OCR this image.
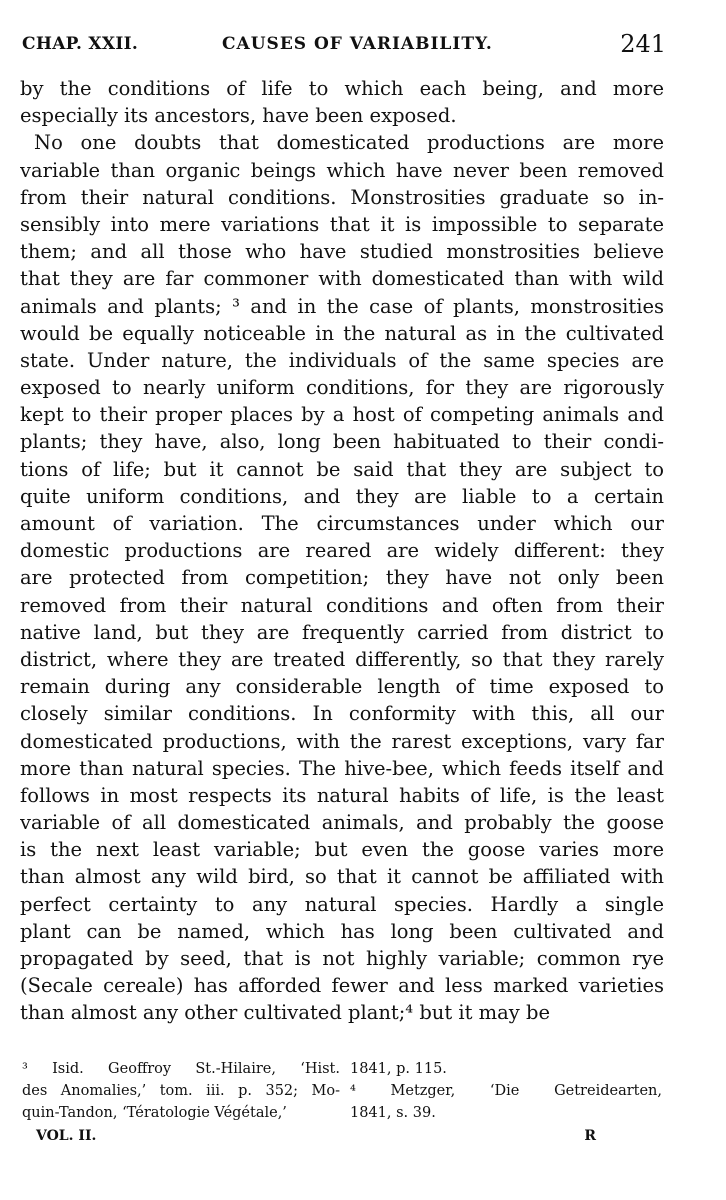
CHAP. XXII.	CAUSES OF VARIABILITY.	241
by the conditions of life to which each being, and more
especially its ancestors, have been exposed.
No one doubts that domesticated productions are more
variable than organic beings which have never been removed
from their natural conditions. Monstrosities graduate so in-
sensibly into mere variations that it is impossible to separate
them; and all those who have studied monstrosities believe
that they are far commoner with domesticated than with wild
animals and plants; ³ and in the case of plants, monstrosities
would be equally noticeable in the natural as in the cultivated
state. Under nature, the individuals of the same species are
exposed to nearly uniform conditions, for they are rigorously
kept to their proper places by a host of competing animals and
plants; they have, also, long been habituated to their condi-
tions of life; but it cannot be said that they are subject to
quite uniform conditions, and they are liable to a certain
amount of variation. The circumstances under which our
domestic productions are reared are widely different: they
are protected from competition; they have not only been
removed from their natural conditions and often from their
native land, but they are frequently carried from district to
district, where they are treated differently, so that they rarely
remain during any considerable length of time exposed to
closely similar conditions. In conformity with this, all our
domesticated productions, with the rarest exceptions, vary far
more than natural species. The hive-bee, which feeds itself and
follows in most respects its natural habits of life, is the least
variable of all domesticated animals, and probably the goose
is the next least variable; but even the goose varies more
than almost any wild bird, so that it cannot be affiliated with
perfect certainty to any natural species. Hardly a single
plant can be named, which has long been cultivated and
propagated by seed, that is not highly variable; common rye
(Secale cereale) has afforded fewer and less marked varieties
than almost any other cultivated plant;⁴ but it may be
³ Isid. Geoffroy St.-Hilaire, ‘Hist.
des Anomalies,’ tom. iii. p. 352; Mo-
quin-Tandon, ‘Tératologie Végétale,’
1841, p. 115.
⁴ Metzger, ‘Die Getreidearten,
1841, s. 39.
VOL. II.	R
